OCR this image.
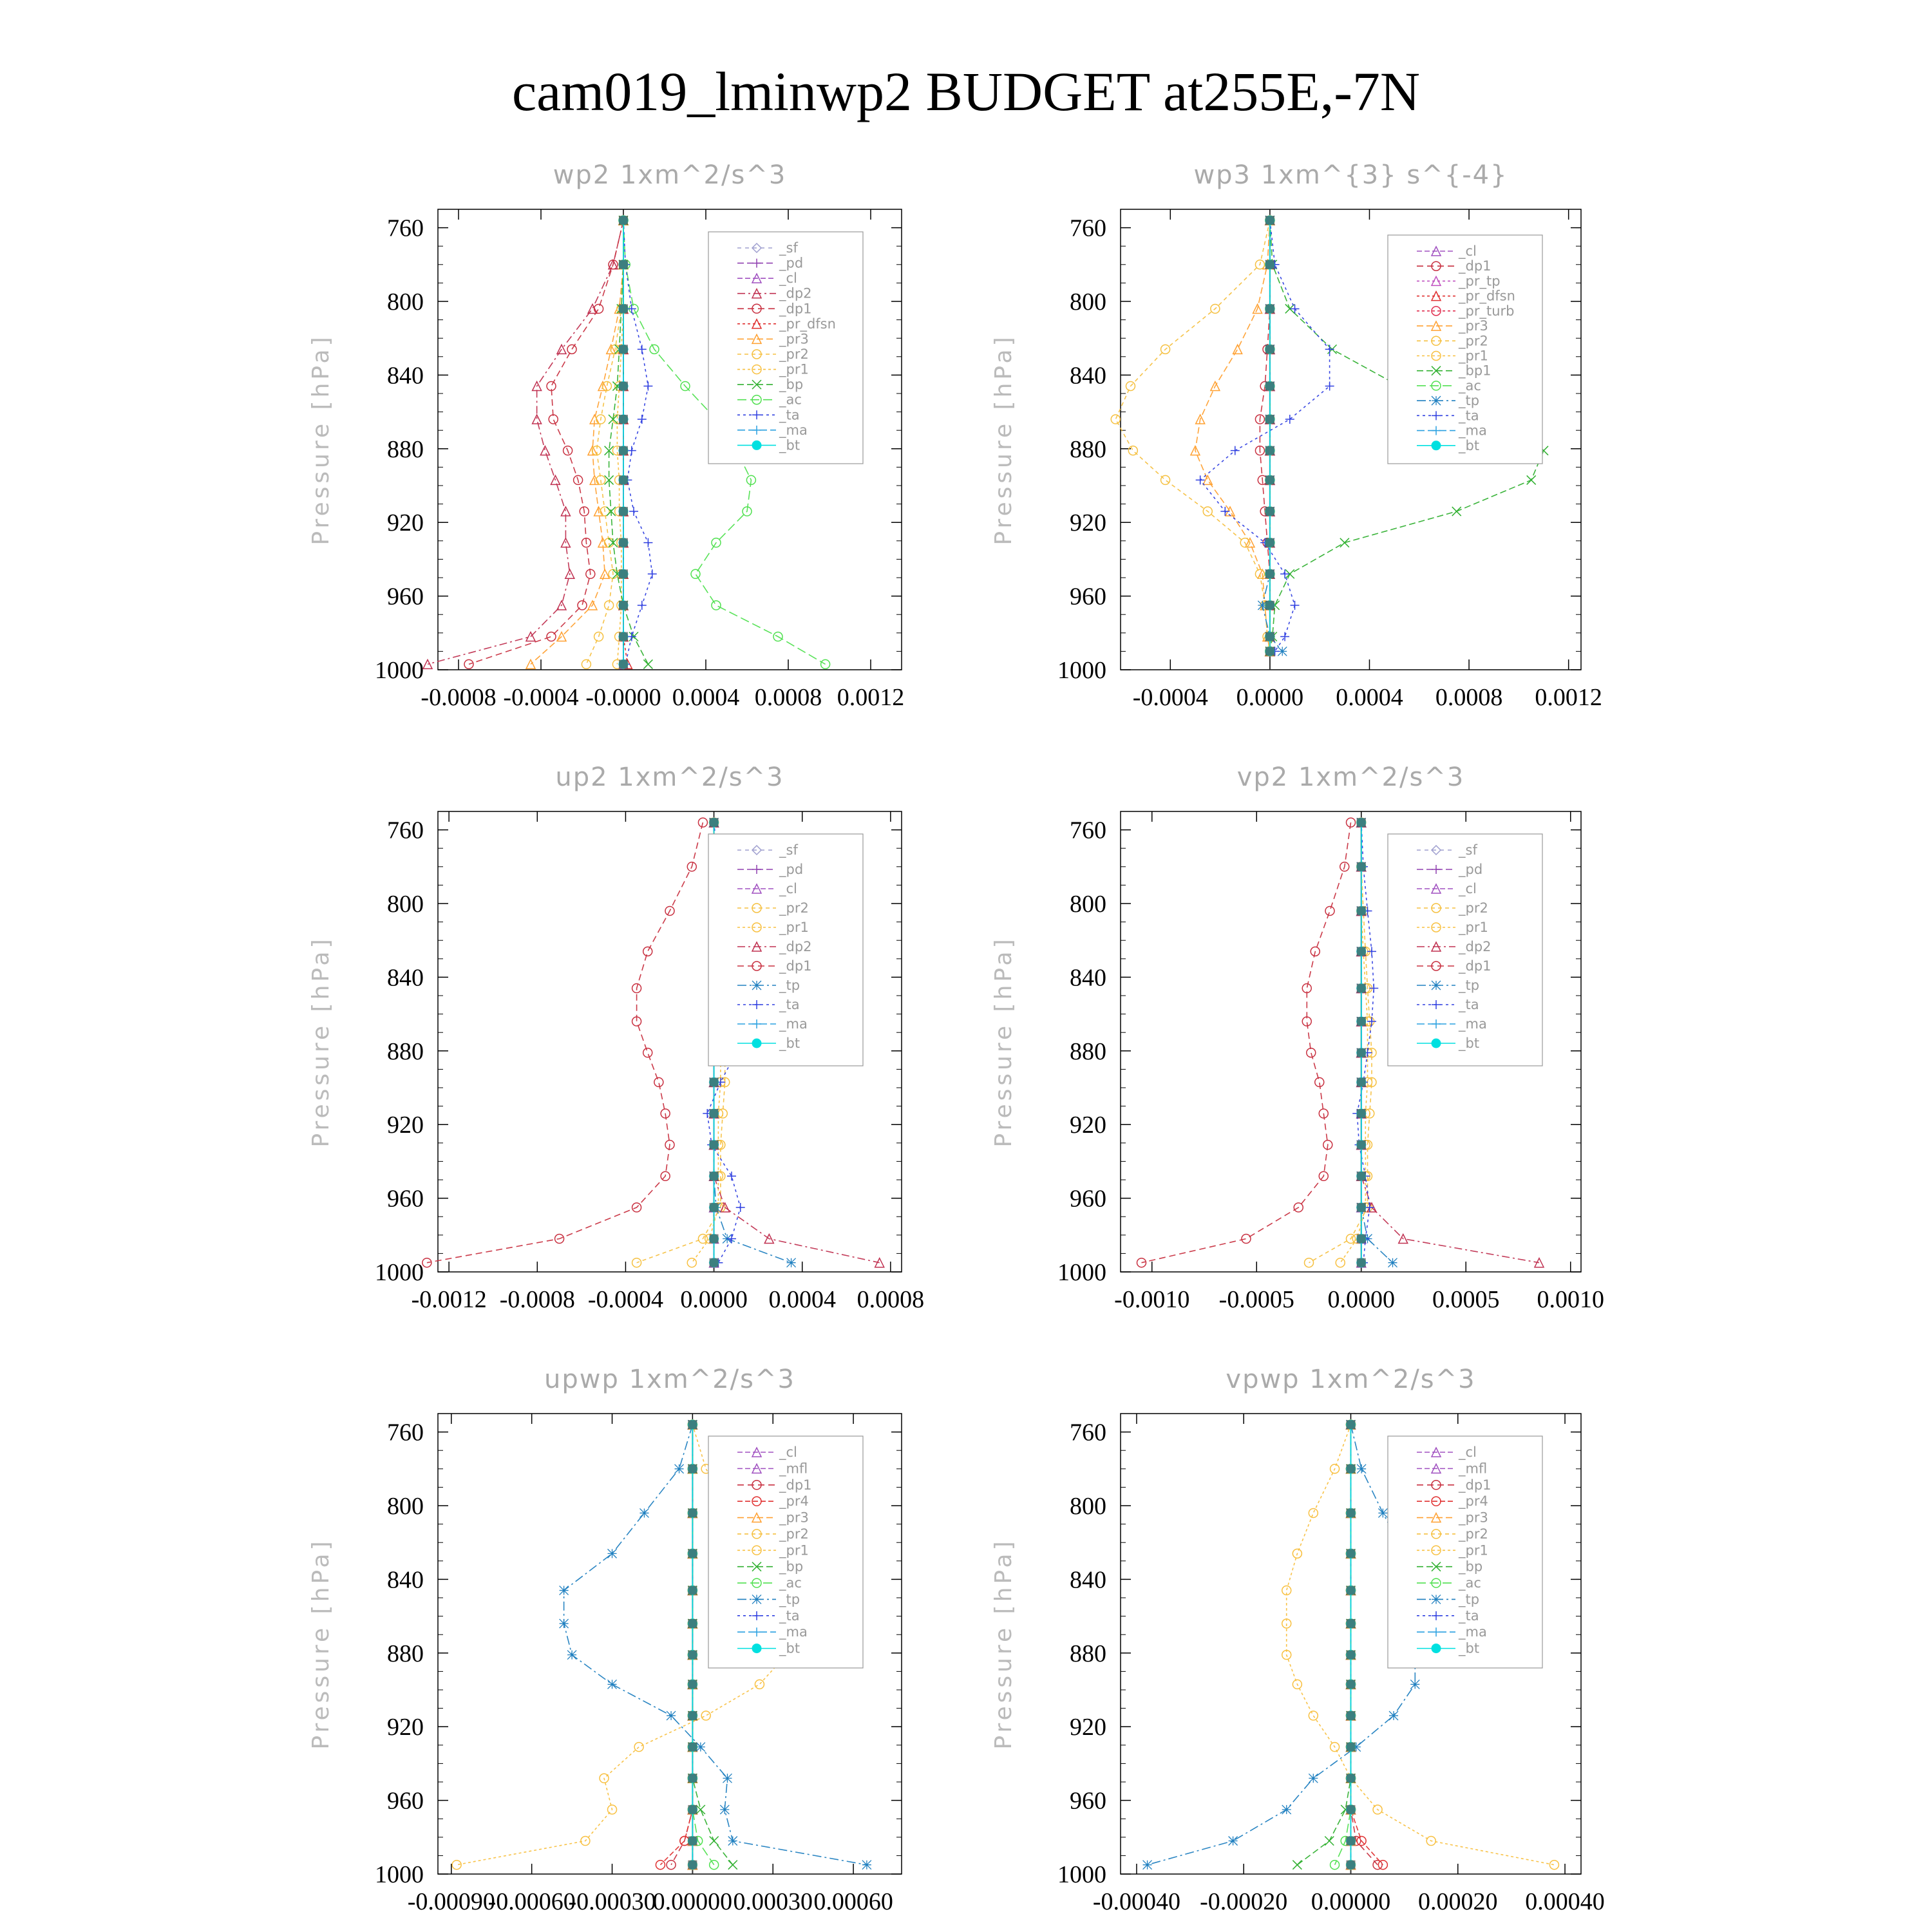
cam019_lminwp2 BUDGET at255E,-7N
wp2 1xm^2/s^3
Pressure [hPa]
760
800
840
880
920
960
1000
-0.0008 -0.0004 -0.0000 0.0004 0.0008 0.0012
_sf
_pd
_cl
_dp2
_dp1
_pr_dfsn
_pr3
_pr2
_pr1
_bp
_ac
_ta
_ma
_bt
wp3 1xm^{3} s^{-4}
Pressure [hPa]
760
800
840
880
920
960
1000
-0.0004 0.0000 0.0004 0.0008 0.0012
_cl
_dp1
_pr_tp
_pr_dfsn
_pr_turb
_pr3
_pr2
_pr1
_bp1
_ac
_tp
_ta
_ma
_bt
up2 1xm^2/s^3
Pressure [hPa]
760
800
840
880
920
960
1000
-0.0012 -0.0008 -0.0004 0.0000 0.0004 0.0008
_sf
_pd
_cl
_pr2
_pr1
_dp2
_dp1
_tp
_ta
_ma
_bt
vp2 1xm^2/s^3
Pressure [hPa]
760
800
840
880
920
960
1000
-0.0010 -0.0005 0.0000 0.0005 0.0010
_sf
_pd
_cl
_pr2
_pr1
_dp2
_dp1
_tp
_ta
_ma
_bt
upwp 1xm^2/s^3
Pressure [hPa]
760
800
840
880
920
960
1000
-0.00090
-0.00060
-0.00030
0.00000 0.00030 0.00060
_cl
_mfl
_dp1
_pr4
_pr3
_pr2
_pr1
_bp
_ac
_tp
_ta
_ma
_bt
vpwp 1xm^2/s^3
Pressure [hPa]
760
800
840
880
920
960
1000
-0.00040 -0.00020 0.00000 0.00020 0.00040
_cl
_mfl
_dp1
_pr4
_pr3
_pr2
_pr1
_bp
_ac
_tp
_ta
_ma
_bt
